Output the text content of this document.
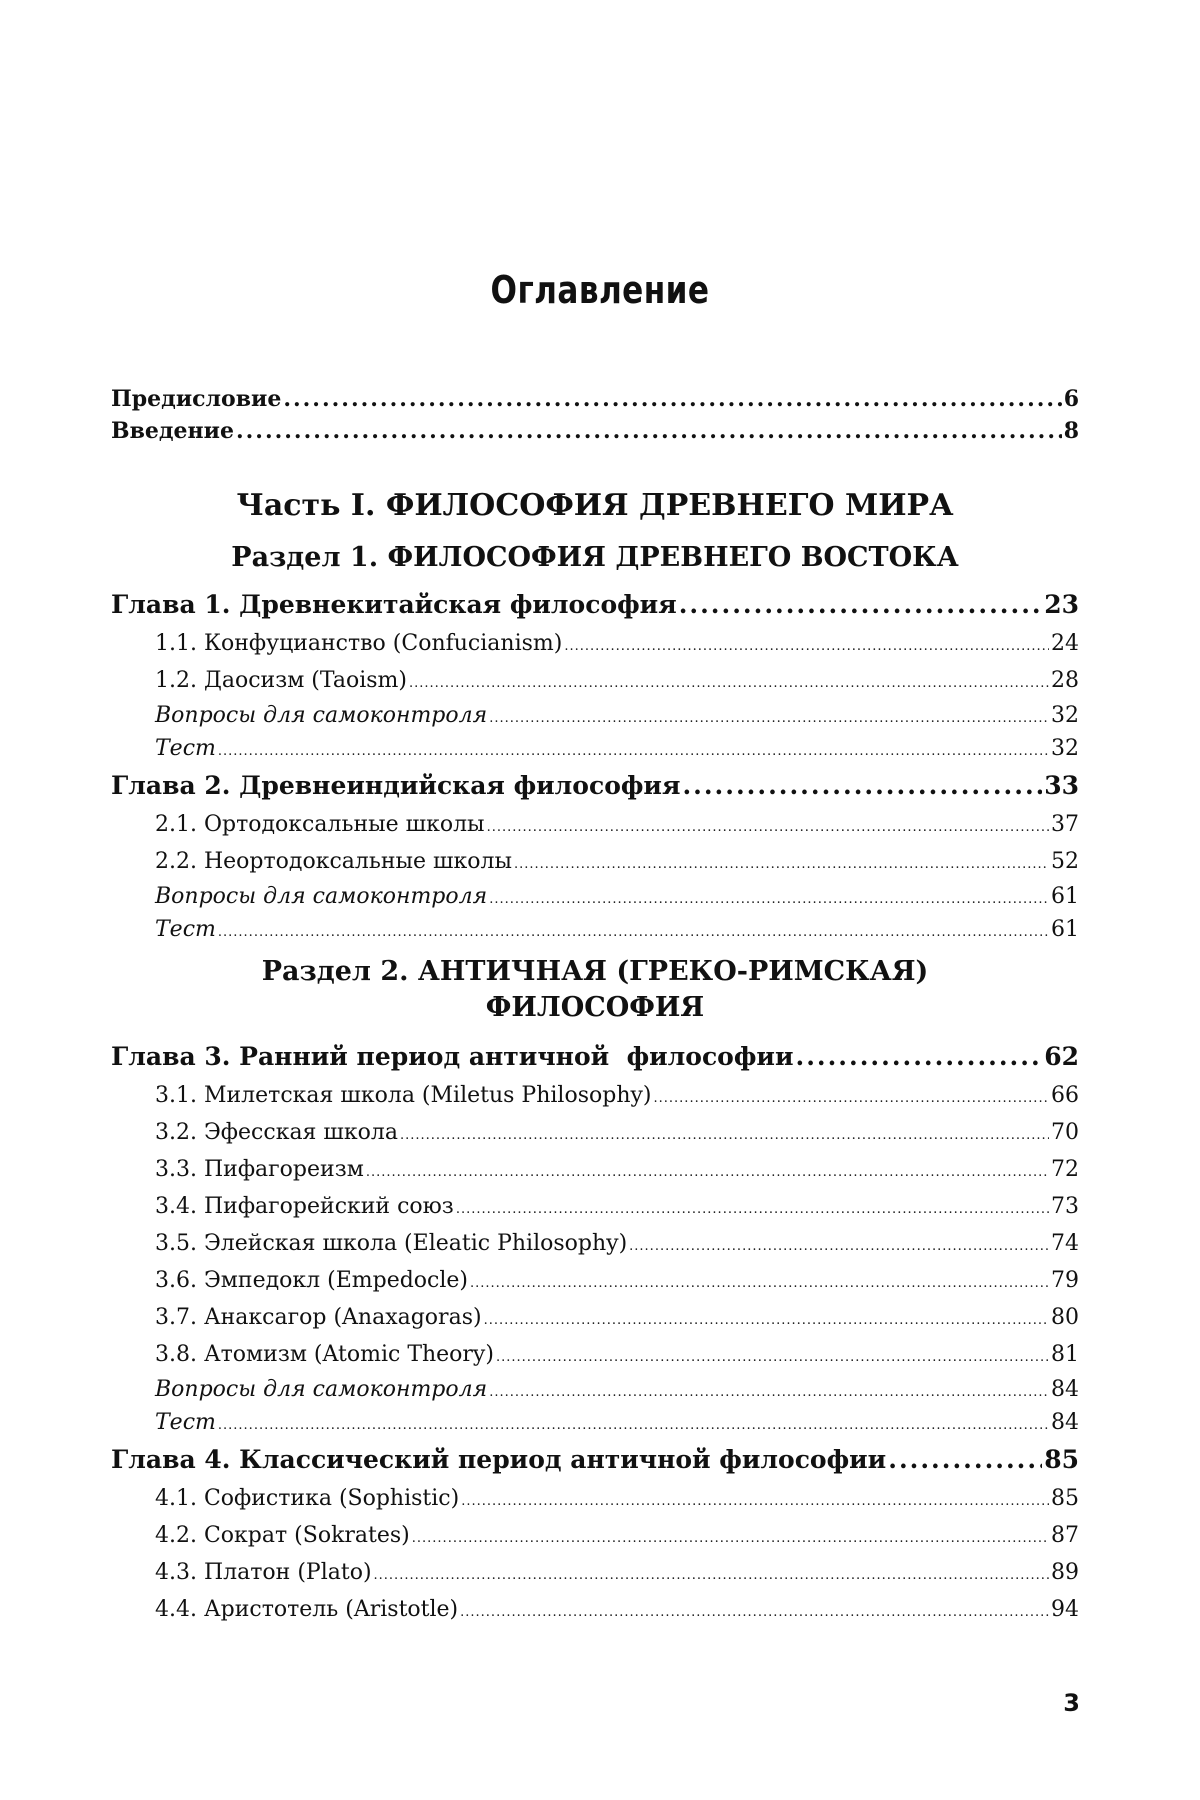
Оглавление
Предисловие .....	6
Введение .....	8
Часть I. ФИЛОСОФИЯ ДРЕВНЕГО МИРА
Раздел 1. ФИЛОСОФИЯ ДРЕВНЕГО ВОСТОКА
Глава 1. Древнекитайская философия .....	23
1.1. Конфуцианство (Confucianism) .....	24
1.2. Даосизм (Taoism) .....	28
Вопросы для самоконтроля .....	32
Тест .....	32
Глава 2. Древнеиндийская философия .....	33
2.1. Ортодоксальные школы .....	37
2.2. Неортодоксальные школы .....	52
Вопросы для самоконтроля .....	61
Тест .....	61
Раздел 2. АНТИЧНАЯ (ГРЕКО-РИМСКАЯ)
ФИЛОСОФИЯ
Глава 3. Ранний период античной  философии .....	62
3.1. Милетская школа (Miletus Philosophy) .....	66
3.2. Эфесская школа .....	70
3.3. Пифагореизм .....	72
3.4. Пифагорейский союз .....	73
3.5. Элейская школа (Eleatic Philosophy) .....	74
3.6. Эмпедокл (Empedocle) .....	79
3.7. Анаксагор (Anaxagoras) .....	80
3.8. Атомизм (Atomic Theory) .....	81
Вопросы для самоконтроля .....	84
Тест .....	84
Глава 4. Классический период античной философии .....	85
4.1. Софистика (Sophistic) .....	85
4.2. Сократ (Sokrates) .....	87
4.3. Платон (Plato) .....	89
4.4. Аристотель (Aristotle) .....	94
3
